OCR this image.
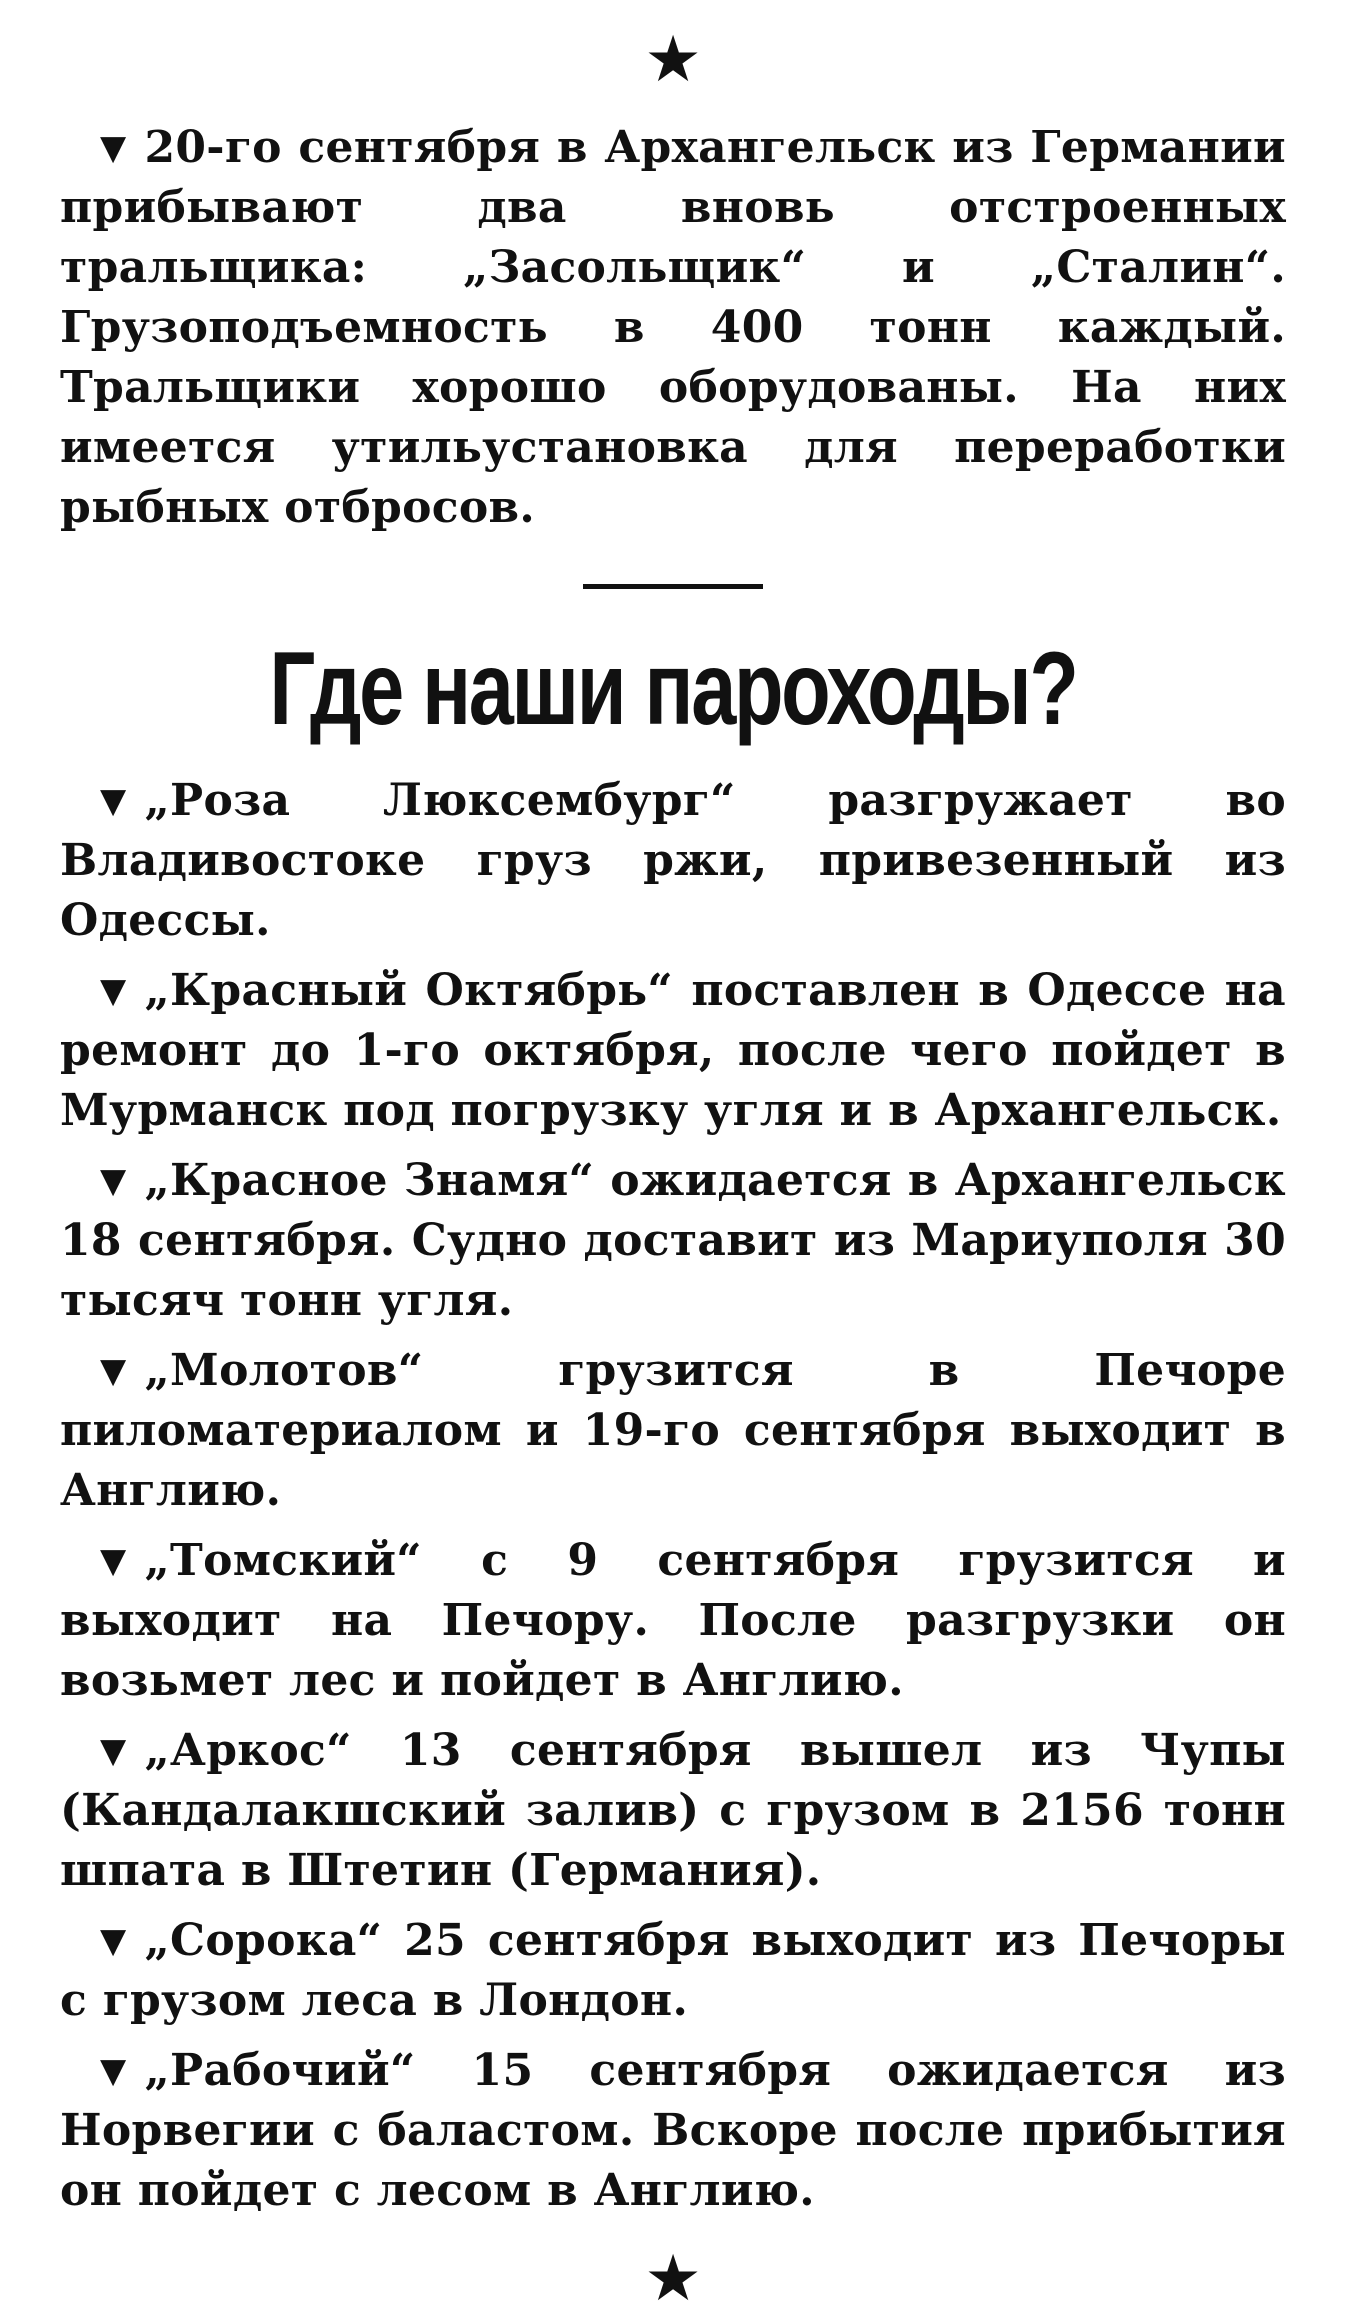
★

▼ 20-го сентября в Архангельск из Германии прибывают два вновь отстроенных тральщика: „Засольщик“ и „Сталин“. Грузоподъемность в 400 тонн каждый. Тральщики хорошо оборудованы. На них имеется утильустановка для переработки рыбных отбросов.

Где наши пароходы?

▼ „Роза Люксембург“ разгружает во Владивостоке груз ржи, привезенный из Одессы.

▼ „Красный Октябрь“ поставлен в Одессе на ремонт до 1-го октября, после чего пойдет в Мурманск под погрузку угля и в Архангельск.

▼ „Красное Знамя“ ожидается в Архангельск 18 сентября. Судно доставит из Мариуполя 30 тысяч тонн угля.

▼ „Молотов“ грузится в Печоре пиломатериалом и 19-го сентября выходит в Англию.

▼ „Томский“ с 9 сентября грузится и выходит на Печору. После разгрузки он возьмет лес и пойдет в Англию.

▼ „Аркос“ 13 сентября вышел из Чупы (Кандалакшский залив) с грузом в 2156 тонн шпата в Штетин (Германия).

▼ „Сорока“ 25 сентября выходит из Печоры с грузом леса в Лондон.

▼ „Рабочий“ 15 сентября ожидается из Норвегии с баластом. Вскоре после прибытия он пойдет с лесом в Англию.

★
